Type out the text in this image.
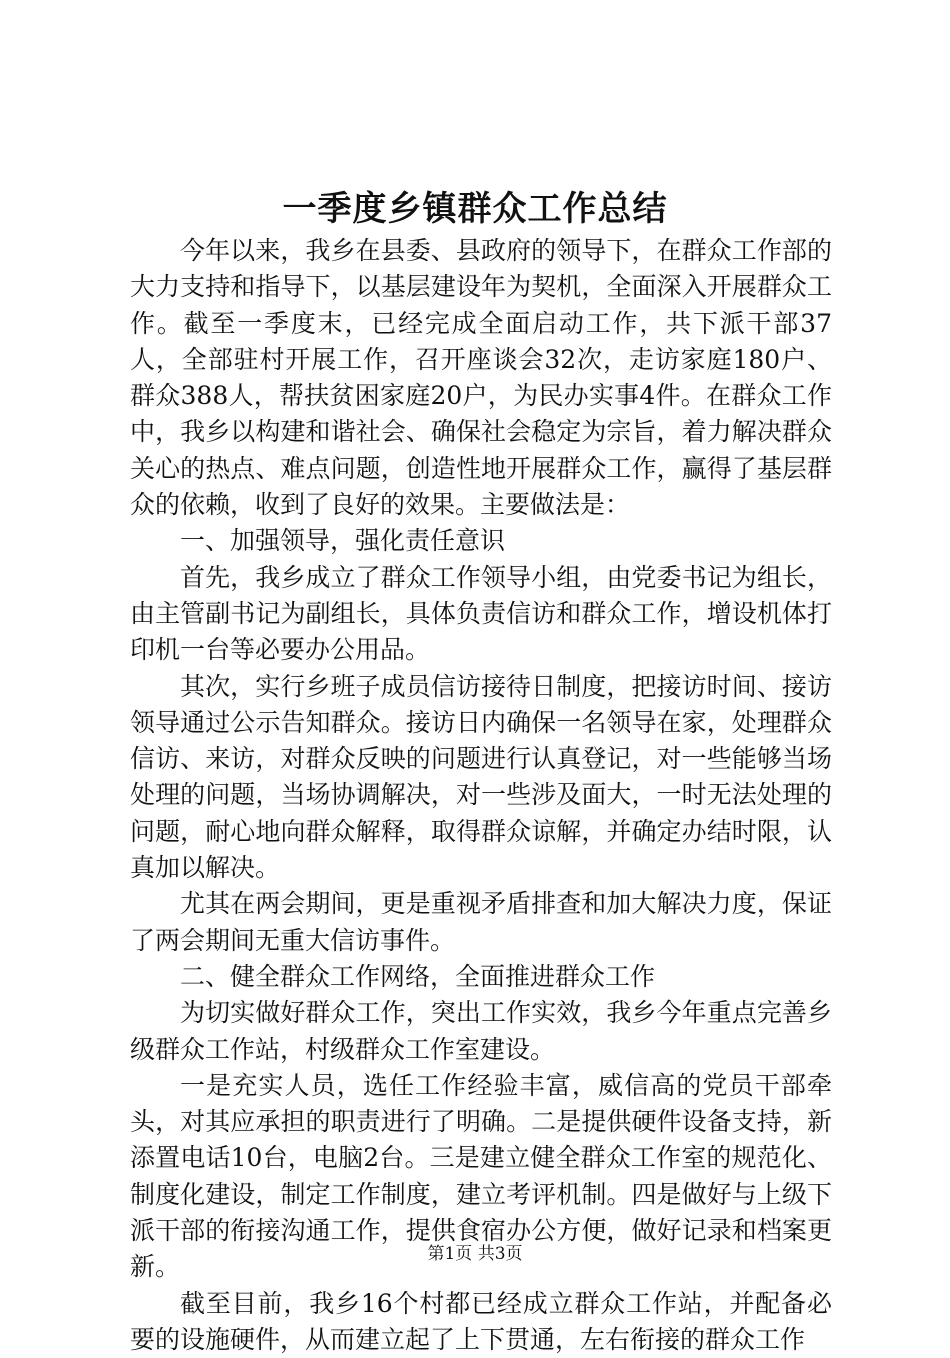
一季度乡镇群众工作总结

今年以来，我乡在县委、县政府的领导下，在群众工作部的大力支持和指导下，以基层建设年为契机，全面深入开展群众工作。截至一季度末，已经完成全面启动工作，共下派干部37人，全部驻村开展工作，召开座谈会32次，走访家庭180户、群众388人，帮扶贫困家庭20户，为民办实事4件。在群众工作中，我乡以构建和谐社会、确保社会稳定为宗旨，着力解决群众关心的热点、难点问题，创造性地开展群众工作，赢得了基层群众的依赖，收到了良好的效果。主要做法是：

一、加强领导，强化责任意识

首先，我乡成立了群众工作领导小组，由党委书记为组长，由主管副书记为副组长，具体负责信访和群众工作，增设机体打印机一台等必要办公用品。

其次，实行乡班子成员信访接待日制度，把接访时间、接访领导通过公示告知群众。接访日内确保一名领导在家，处理群众信访、来访，对群众反映的问题进行认真登记，对一些能够当场处理的问题，当场协调解决，对一些涉及面大，一时无法处理的问题，耐心地向群众解释，取得群众谅解，并确定办结时限，认真加以解决。

尤其在两会期间，更是重视矛盾排查和加大解决力度，保证了两会期间无重大信访事件。

二、健全群众工作网络，全面推进群众工作

为切实做好群众工作，突出工作实效，我乡今年重点完善乡级群众工作站，村级群众工作室建设。

一是充实人员，选任工作经验丰富，威信高的党员干部牵头，对其应承担的职责进行了明确。二是提供硬件设备支持，新添置电话10台，电脑2台。三是建立健全群众工作室的规范化、制度化建设，制定工作制度，建立考评机制。四是做好与上级下派干部的衔接沟通工作，提供食宿办公方便，做好记录和档案更新。

截至目前，我乡16个村都已经成立群众工作站，并配备必要的设施硬件，从而建立起了上下贯通，左右衔接的群众工作

第1页 共3页
